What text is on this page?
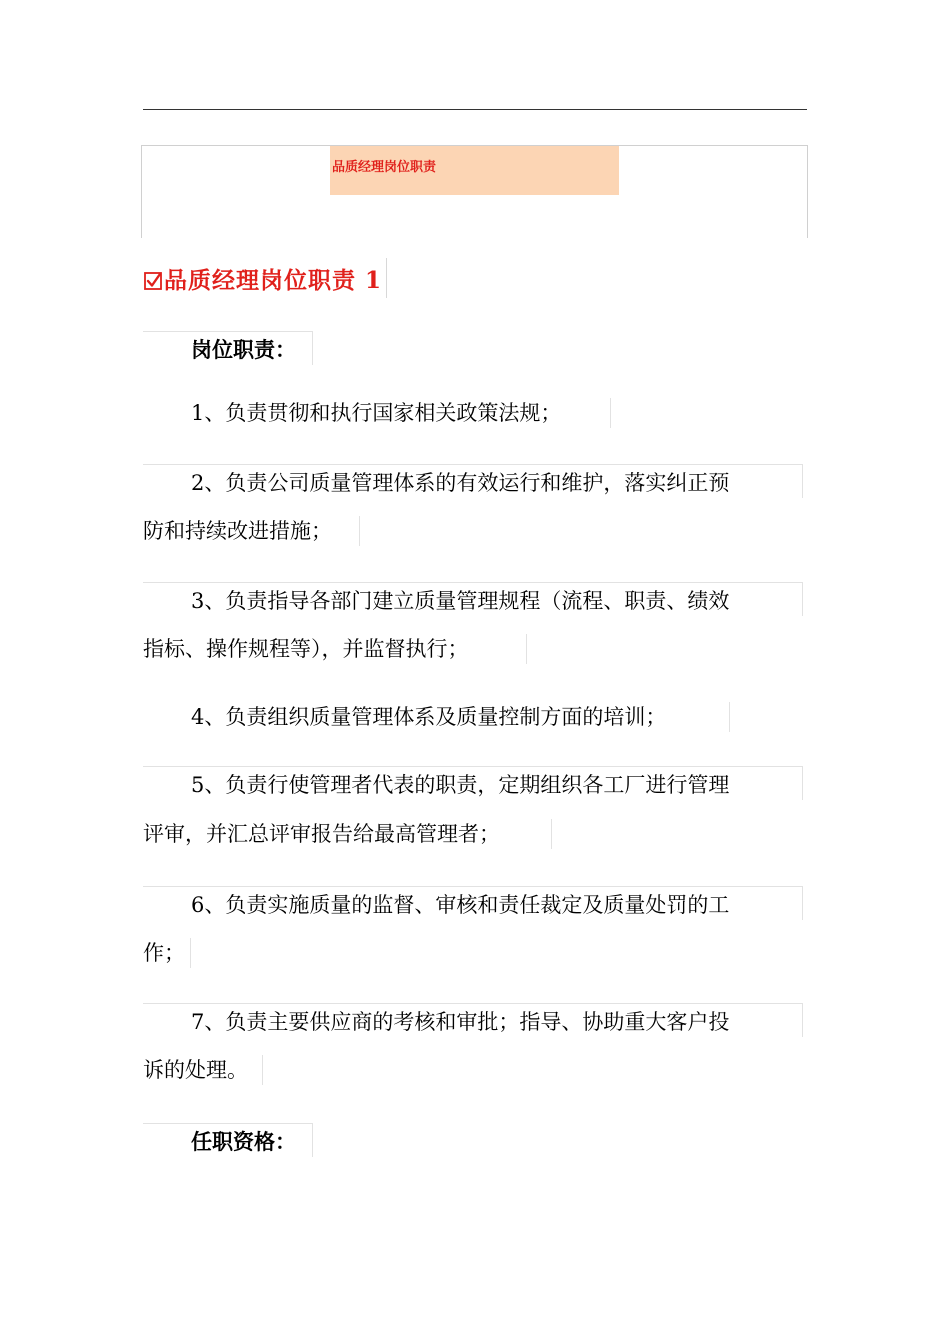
品质经理岗位职责
品质经理岗位职责 1
岗位职责：
1、负责贯彻和执行国家相关政策法规；
2、负责公司质量管理体系的有效运行和维护，落实纠正预
防和持续改进措施；
3、负责指导各部门建立质量管理规程（流程、职责、绩效
指标、操作规程等），并监督执行；
4、负责组织质量管理体系及质量控制方面的培训；
5、负责行使管理者代表的职责，定期组织各工厂进行管理
评审，并汇总评审报告给最高管理者；
6、负责实施质量的监督、审核和责任裁定及质量处罚的工
作；
7、负责主要供应商的考核和审批；指导、协助重大客户投
诉的处理。
任职资格：
